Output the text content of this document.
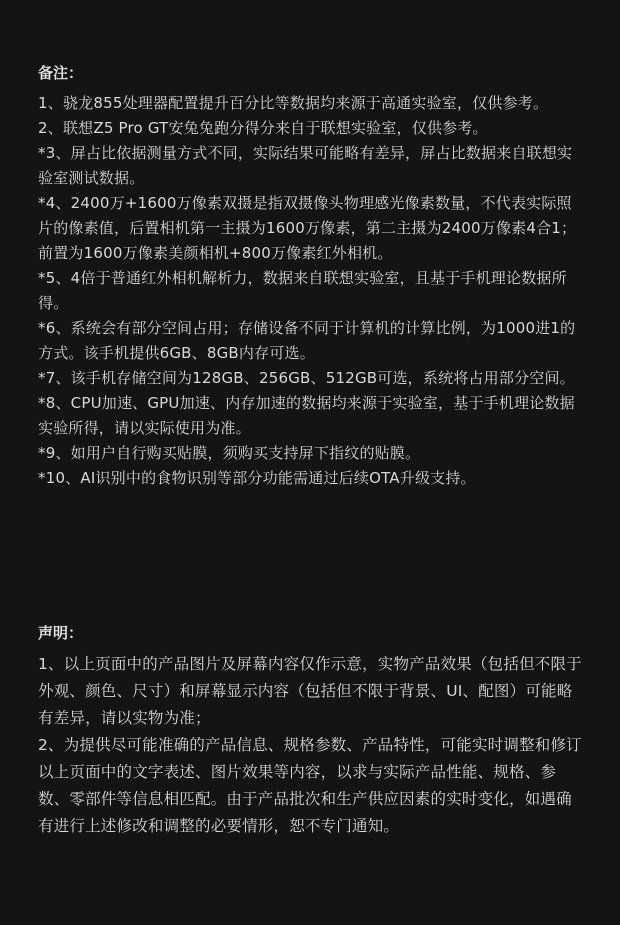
备注：

1、骁龙855处理器配置提升百分比等数据均来源于高通实验室，仅供参考。

2、联想Z5 Pro GT安兔兔跑分得分来自于联想实验室，仅供参考。

*3、屏占比依据测量方式不同，实际结果可能略有差异，屏占比数据来自联想实验室测试数据。

*4、2400万+1600万像素双摄是指双摄像头物理感光像素数量，不代表实际照片的像素值，后置相机第一主摄为1600万像素，第二主摄为2400万像素4合1；前置为1600万像素美颜相机+800万像素红外相机。

*5、4倍于普通红外相机解析力，数据来自联想实验室，且基于手机理论数据所得。

*6、系统会有部分空间占用；存储设备不同于计算机的计算比例，为1000进1的方式。该手机提供6GB、8GB内存可选。

*7、该手机存储空间为128GB、256GB、512GB可选，系统将占用部分空间。

*8、CPU加速、GPU加速、内存加速的数据均来源于实验室，基于手机理论数据实验所得，请以实际使用为准。

*9、如用户自行购买贴膜，须购买支持屏下指纹的贴膜。

*10、AI识别中的食物识别等部分功能需通过后续OTA升级支持。

声明：

1、以上页面中的产品图片及屏幕内容仅作示意，实物产品效果（包括但不限于外观、颜色、尺寸）和屏幕显示内容（包括但不限于背景、UI、配图）可能略有差异，请以实物为准；

2、为提供尽可能准确的产品信息、规格参数、产品特性，可能实时调整和修订以上页面中的文字表述、图片效果等内容，以求与实际产品性能、规格、参数、零部件等信息相匹配。由于产品批次和生产供应因素的实时变化，如遇确有进行上述修改和调整的必要情形，恕不专门通知。
